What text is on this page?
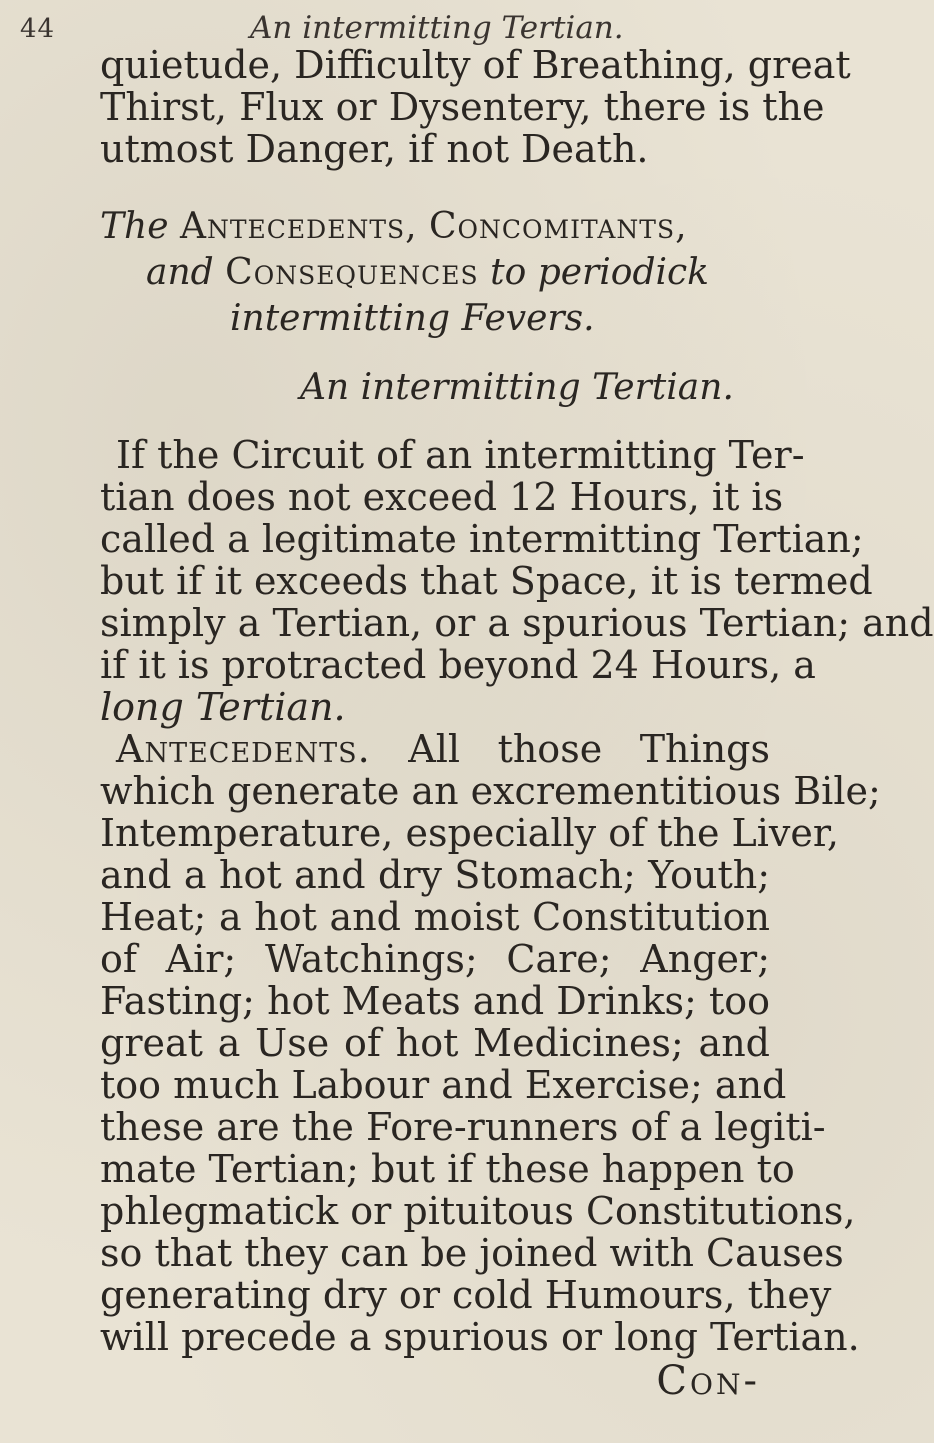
44	An intermitting Tertian.
quietude, Difficulty of Breathing, great
Thirst, Flux or Dysentery, there is the
utmost Danger, if not Death.
The Antecedents, Concomitants,
and Consequences to periodick
intermitting Fevers.
An intermitting Tertian.
If the Circuit of an intermitting Ter-
tian does not exceed 12 Hours, it is
called a legitimate intermitting Tertian;
but if it exceeds that Space, it is termed
simply a Tertian, or a spurious Tertian; and
if it is protracted beyond 24 Hours, a
long Tertian.
Antecedents. All those Things
which generate an excrementitious Bile;
Intemperature, especially of the Liver,
and a hot and dry Stomach; Youth;
Heat; a hot and moist Constitution
of Air; Watchings; Care; Anger;
Fasting; hot Meats and Drinks; too
great a Use of hot Medicines; and
too much Labour and Exercise; and
these are the Fore-runners of a legiti-
mate Tertian; but if these happen to
phlegmatick or pituitous Constitutions,
so that they can be joined with Causes
generating dry or cold Humours, they
will precede a spurious or long Tertian.
Con-
